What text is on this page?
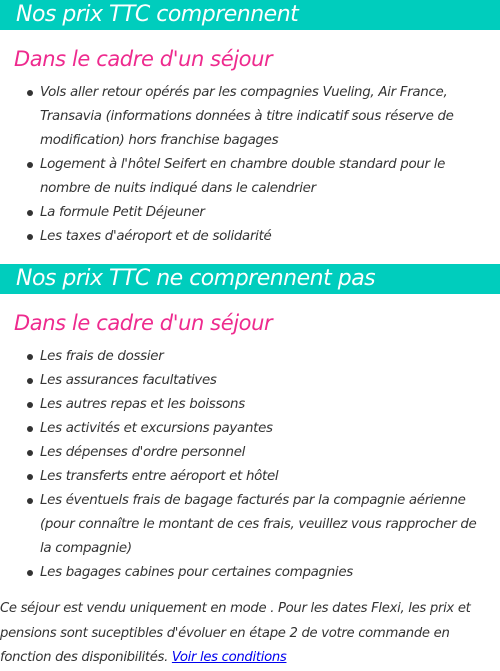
Nos prix TTC comprennent
Dans le cadre d'un séjour
Vols aller retour opérés par les compagnies Vueling, Air France, Transavia (informations données à titre indicatif sous réserve de modification) hors franchise bagages
Logement à l'hôtel Seifert en chambre double standard pour le nombre de nuits indiqué dans le calendrier
La formule Petit Déjeuner
Les taxes d'aéroport et de solidarité
Nos prix TTC ne comprennent pas
Dans le cadre d'un séjour
Les frais de dossier
Les assurances facultatives
Les autres repas et les boissons
Les activités et excursions payantes
Les dépenses d'ordre personnel
Les transferts entre aéroport et hôtel
Les éventuels frais de bagage facturés par la compagnie aérienne (pour connaître le montant de ces frais, veuillez vous rapprocher de la compagnie)
Les bagages cabines pour certaines compagnies

Ce séjour est vendu uniquement en mode . Pour les dates Flexi, les prix et pensions sont suceptibles d'évoluer en étape 2 de votre commande en fonction des disponibilités. Voir les conditions
